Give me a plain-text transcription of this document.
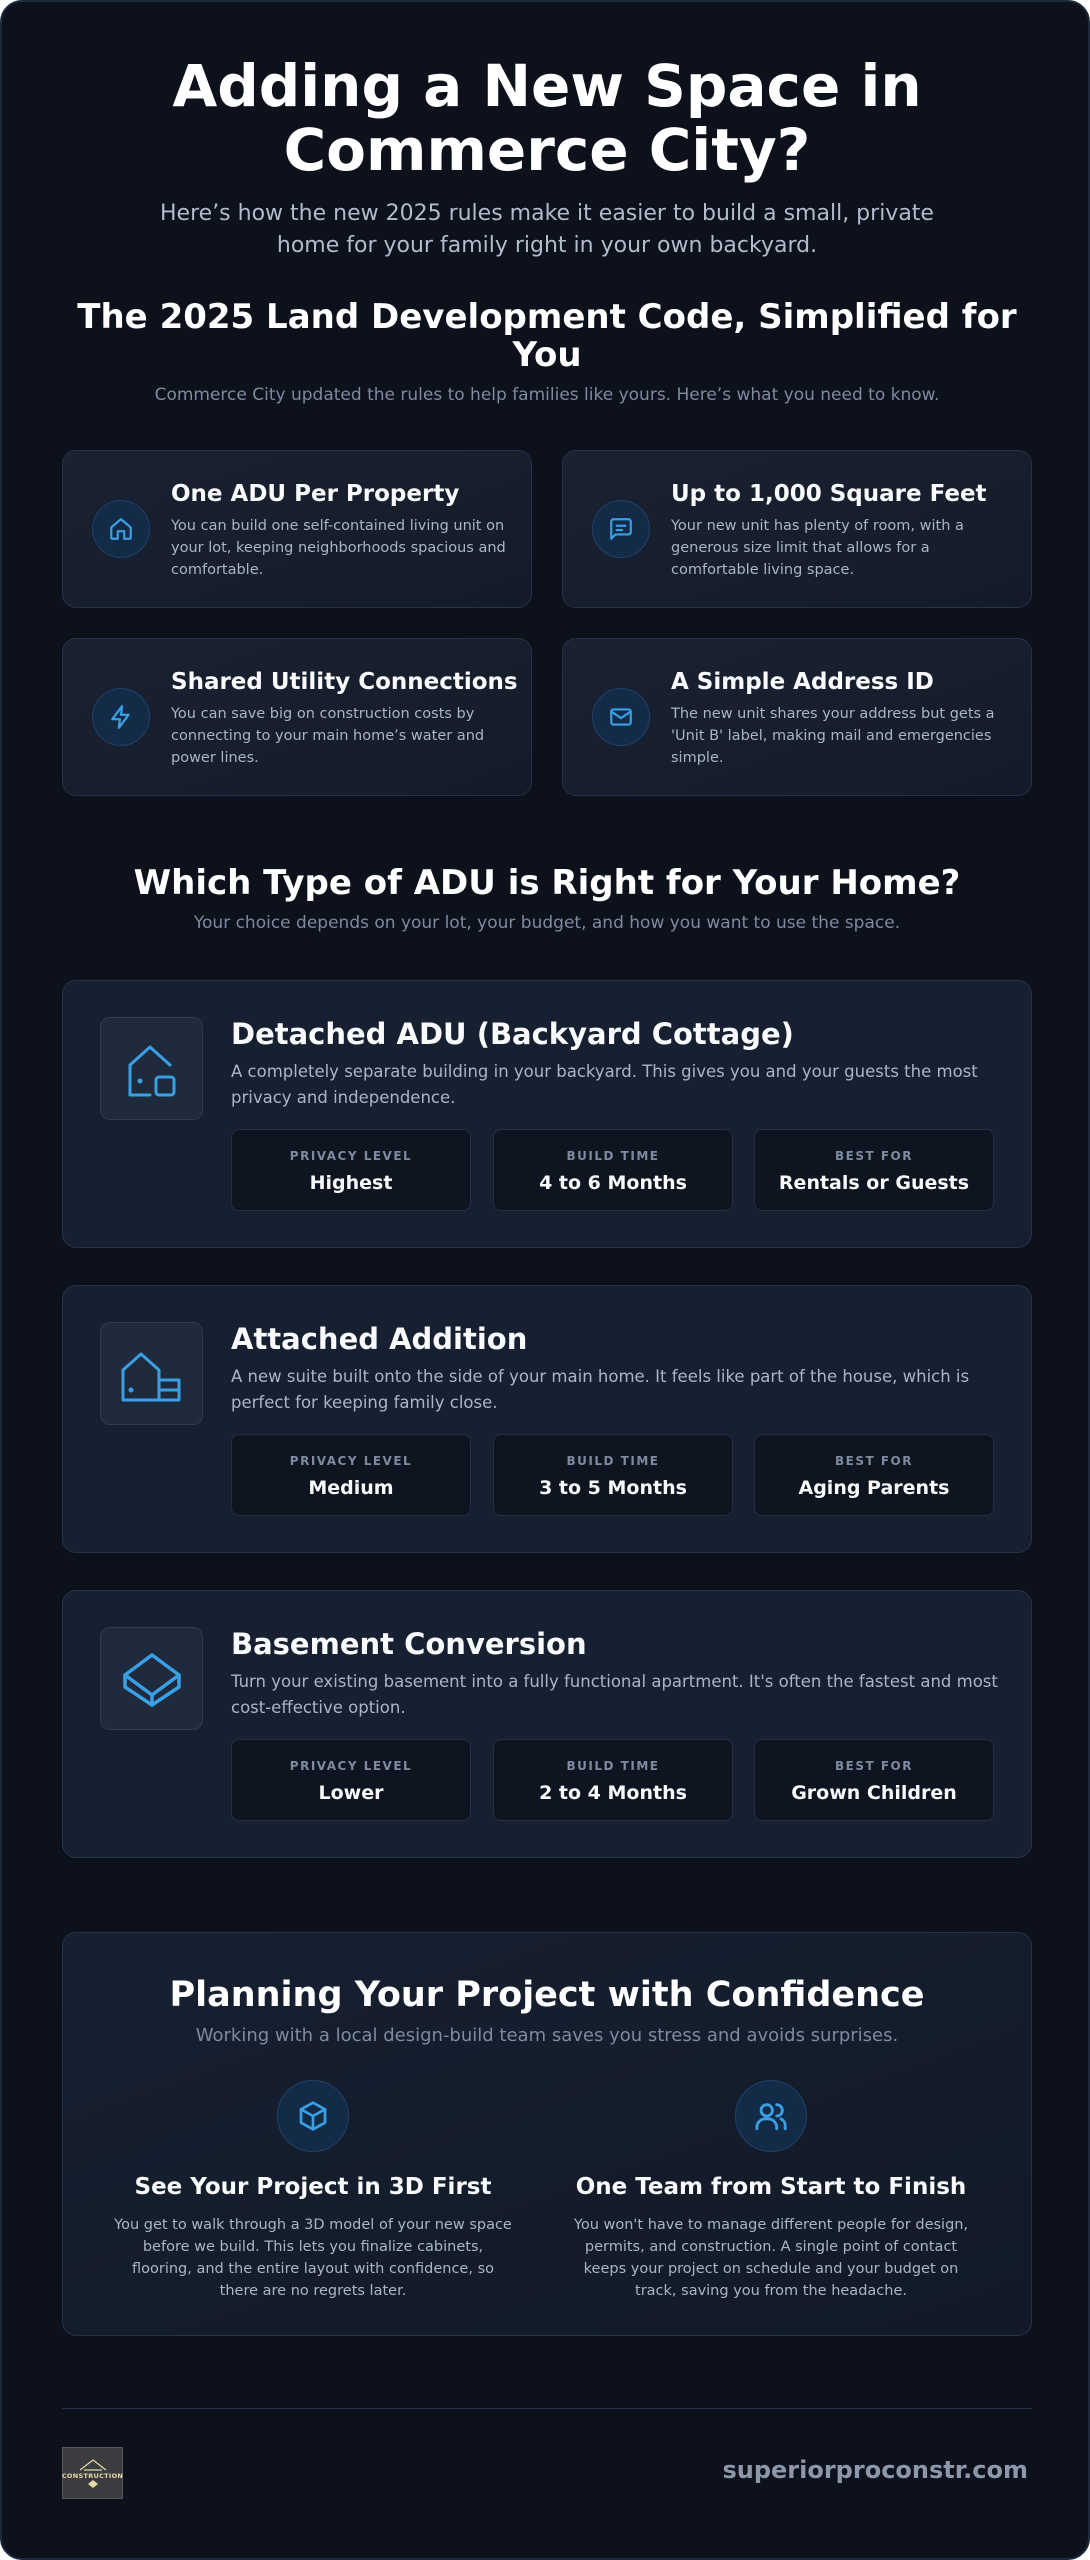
Adding a New Space in Commerce City?

Here’s how the new 2025 rules make it easier to build a small, private home for your family right in your own backyard.

The 2025 Land Development Code, Simplified for You

Commerce City updated the rules to help families like yours. Here’s what you need to know.

One ADU Per Property

You can build one self-contained living unit on your lot, keeping neighborhoods spacious and comfortable.

Up to 1,000 Square Feet

Your new unit has plenty of room, with a generous size limit that allows for a comfortable living space.

Shared Utility Connections

You can save big on construction costs by connecting to your main home’s water and power lines.

A Simple Address ID

The new unit shares your address but gets a 'Unit B' label, making mail and emergencies simple.

Which Type of ADU is Right for Your Home?

Your choice depends on your lot, your budget, and how you want to use the space.

Detached ADU (Backyard Cottage)
A completely separate building in your backyard. This gives you and your guests the most privacy and independence.
PRIVACY LEVEL
Highest
BUILD TIME
4 to 6 Months
BEST FOR
Rentals or Guests
Attached Addition
A new suite built onto the side of your main home. It feels like part of the house, which is perfect for keeping family close.
PRIVACY LEVEL
Medium
BUILD TIME
3 to 5 Months
BEST FOR
Aging Parents
Basement Conversion
Turn your existing basement into a fully functional apartment. It's often the fastest and most cost-effective option.
PRIVACY LEVEL
Lower
BUILD TIME
2 to 4 Months
BEST FOR
Grown Children
Planning Your Project with Confidence
Working with a local design-build team saves you stress and avoids surprises.
See Your Project in 3D First

You get to walk through a 3D model of your new space before we build. This lets you finalize cabinets, flooring, and the entire layout with confidence, so there are no regrets later.

One Team from Start to Finish

You won't have to manage different people for design, permits, and construction. A single point of contact keeps your project on schedule and your budget on track, saving you from the headache.

CONSTRUCTION	superiorproconstr.com
